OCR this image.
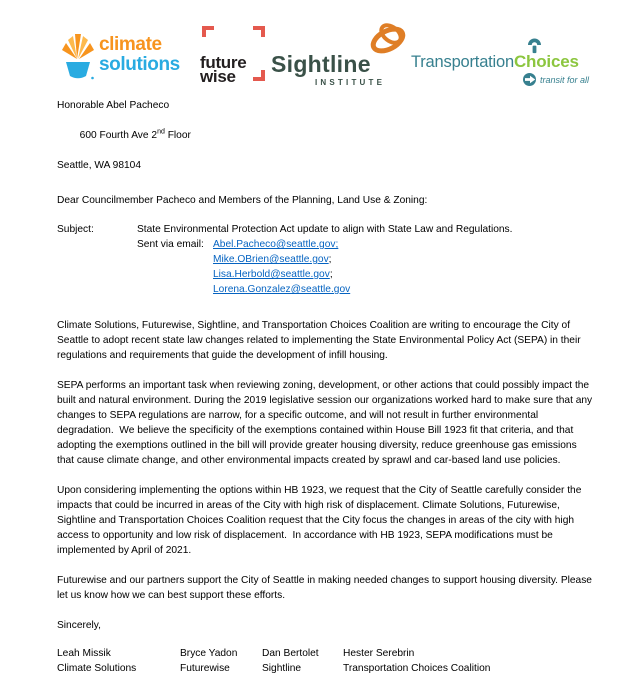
climate
solutions future
wise	Sightline
INSTITUTE
TransportationChoices
transit for all
Honorable Abel Pacheco

600 Fourth Ave 2nd Floor

Seattle, WA 98104
Dear Councilmember Pacheco and Members of the Planning, Land Use & Zoning:
Subject:	State Environmental Protection Act update to align with State Law and Regulations.
Sent via email: Abel.Pacheco@seattle.gov;
Mike.OBrien@seattle.gov;
Lisa.Herbold@seattle.gov;
Lorena.Gonzalez@seattle.gov
Climate Solutions, Futurewise, Sightline, and Transportation Choices Coalition are writing to encourage the City of Seattle to adopt recent state law changes related to implementing the State Environmental Policy Act (SEPA) in their regulations and requirements that guide the development of infill housing.
SEPA performs an important task when reviewing zoning, development, or other actions that could possibly impact the built and natural environment. During the 2019 legislative session our organizations worked hard to make sure that any changes to SEPA regulations are narrow, for a specific outcome, and will not result in further environmental degradation.  We believe the specificity of the exemptions contained within House Bill 1923 fit that criteria, and that adopting the exemptions outlined in the bill will provide greater housing diversity, reduce greenhouse gas emissions that cause climate change, and other environmental impacts created by sprawl and car-based land use policies.
Upon considering implementing the options within HB 1923, we request that the City of Seattle carefully consider the impacts that could be incurred in areas of the City with high risk of displacement. Climate Solutions, Futurewise, Sightline and Transportation Choices Coalition request that the City focus the changes in areas of the city with high access to opportunity and low risk of displacement.  In accordance with HB 1923, SEPA modifications must be implemented by April of 2021.
Futurewise and our partners support the City of Seattle in making needed changes to support housing diversity. Please let us know how we can best support these efforts.
Sincerely,
Leah Missik	Bryce Yadon	Dan Bertolet	Hester Serebrin
Climate Solutions	Futurewise	Sightline	Transportation Choices Coalition
